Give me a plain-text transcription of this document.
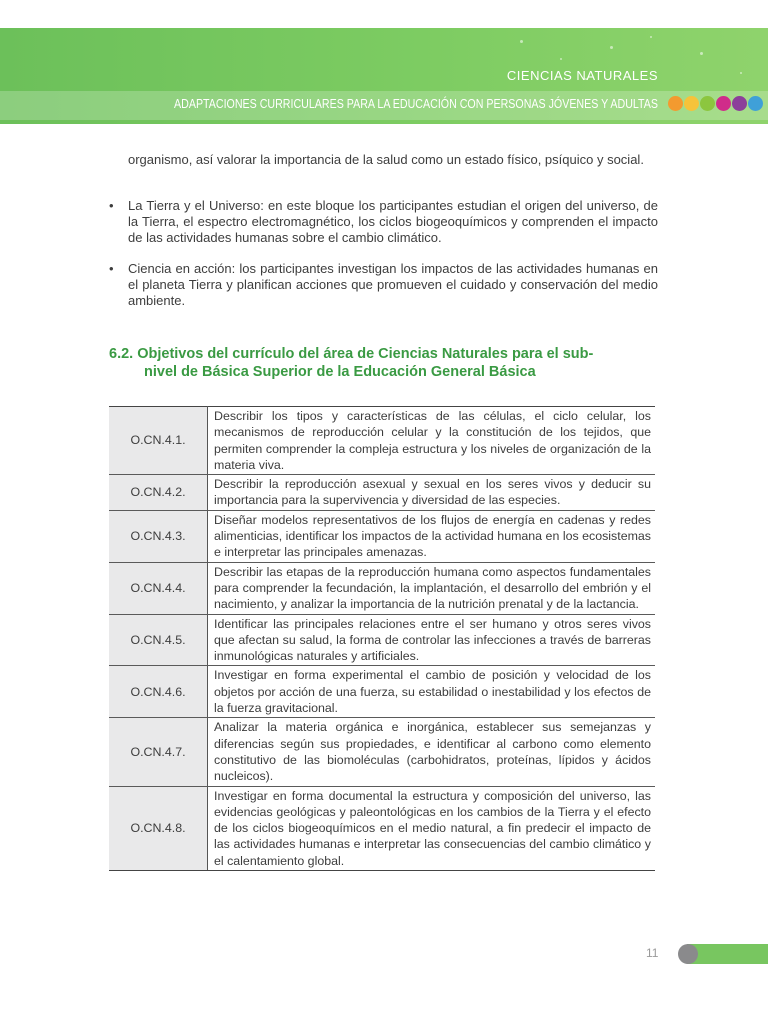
CIENCIAS NATURALES
ADAPTACIONES CURRICULARES PARA LA EDUCACIÓN CON PERSONAS JÓVENES Y ADULTAS
organismo, así valorar la importancia de la salud como un estado físico, psíquico y social.
• La Tierra y el Universo: en este bloque los participantes estudian el origen del universo, de la Tierra, el espectro electromagnético, los ciclos biogeoquímicos y comprenden el impacto de las actividades humanas sobre el cambio climático.
• Ciencia en acción: los participantes investigan los impactos de las actividades humanas en el planeta Tierra y planifican acciones que promueven el cuidado y conservación del medio ambiente.
6.2. Objetivos del currículo del área de Ciencias Naturales para el sub-
nivel de Básica Superior de la Educación General Básica
O.CN.4.1.	Describir los tipos y características de las células, el ciclo celular, los mecanismos de reproducción celular y la constitución de los tejidos, que permiten comprender la compleja estructura y los niveles de organización de la materia viva.
O.CN.4.2.	Describir la reproducción asexual y sexual en los seres vivos y deducir su importancia para la supervivencia y diversidad de las especies.
O.CN.4.3.	Diseñar modelos representativos de los flujos de energía en cadenas y redes alimenticias, identificar los impactos de la actividad humana en los ecosistemas e interpretar las principales amenazas.
O.CN.4.4.	Describir las etapas de la reproducción humana como aspectos fundamentales para comprender la fecundación, la implantación, el desarrollo del embrión y el nacimiento, y analizar la importancia de la nutrición prenatal y de la lactancia.
O.CN.4.5.	Identificar las principales relaciones entre el ser humano y otros seres vivos que afectan su salud, la forma de controlar las infecciones a través de barreras inmunológicas naturales y artificiales.
O.CN.4.6.	Investigar en forma experimental el cambio de posición y velocidad de los objetos por acción de una fuerza, su estabilidad o inestabilidad y los efectos de la fuerza gravitacional.
O.CN.4.7.	Analizar la materia orgánica e inorgánica, establecer sus semejanzas y diferencias según sus propiedades, e identificar al carbono como elemento constitutivo de las biomoléculas (carbohidratos, proteínas, lípidos y ácidos nucleicos).
O.CN.4.8.	Investigar en forma documental la estructura y composición del universo, las evidencias geológicas y paleontológicas en los cambios de la Tierra y el efecto de los ciclos biogeoquímicos en el medio natural, a fin predecir el impacto de las actividades humanas e interpretar las consecuencias del cambio climático y el calentamiento global.
11
